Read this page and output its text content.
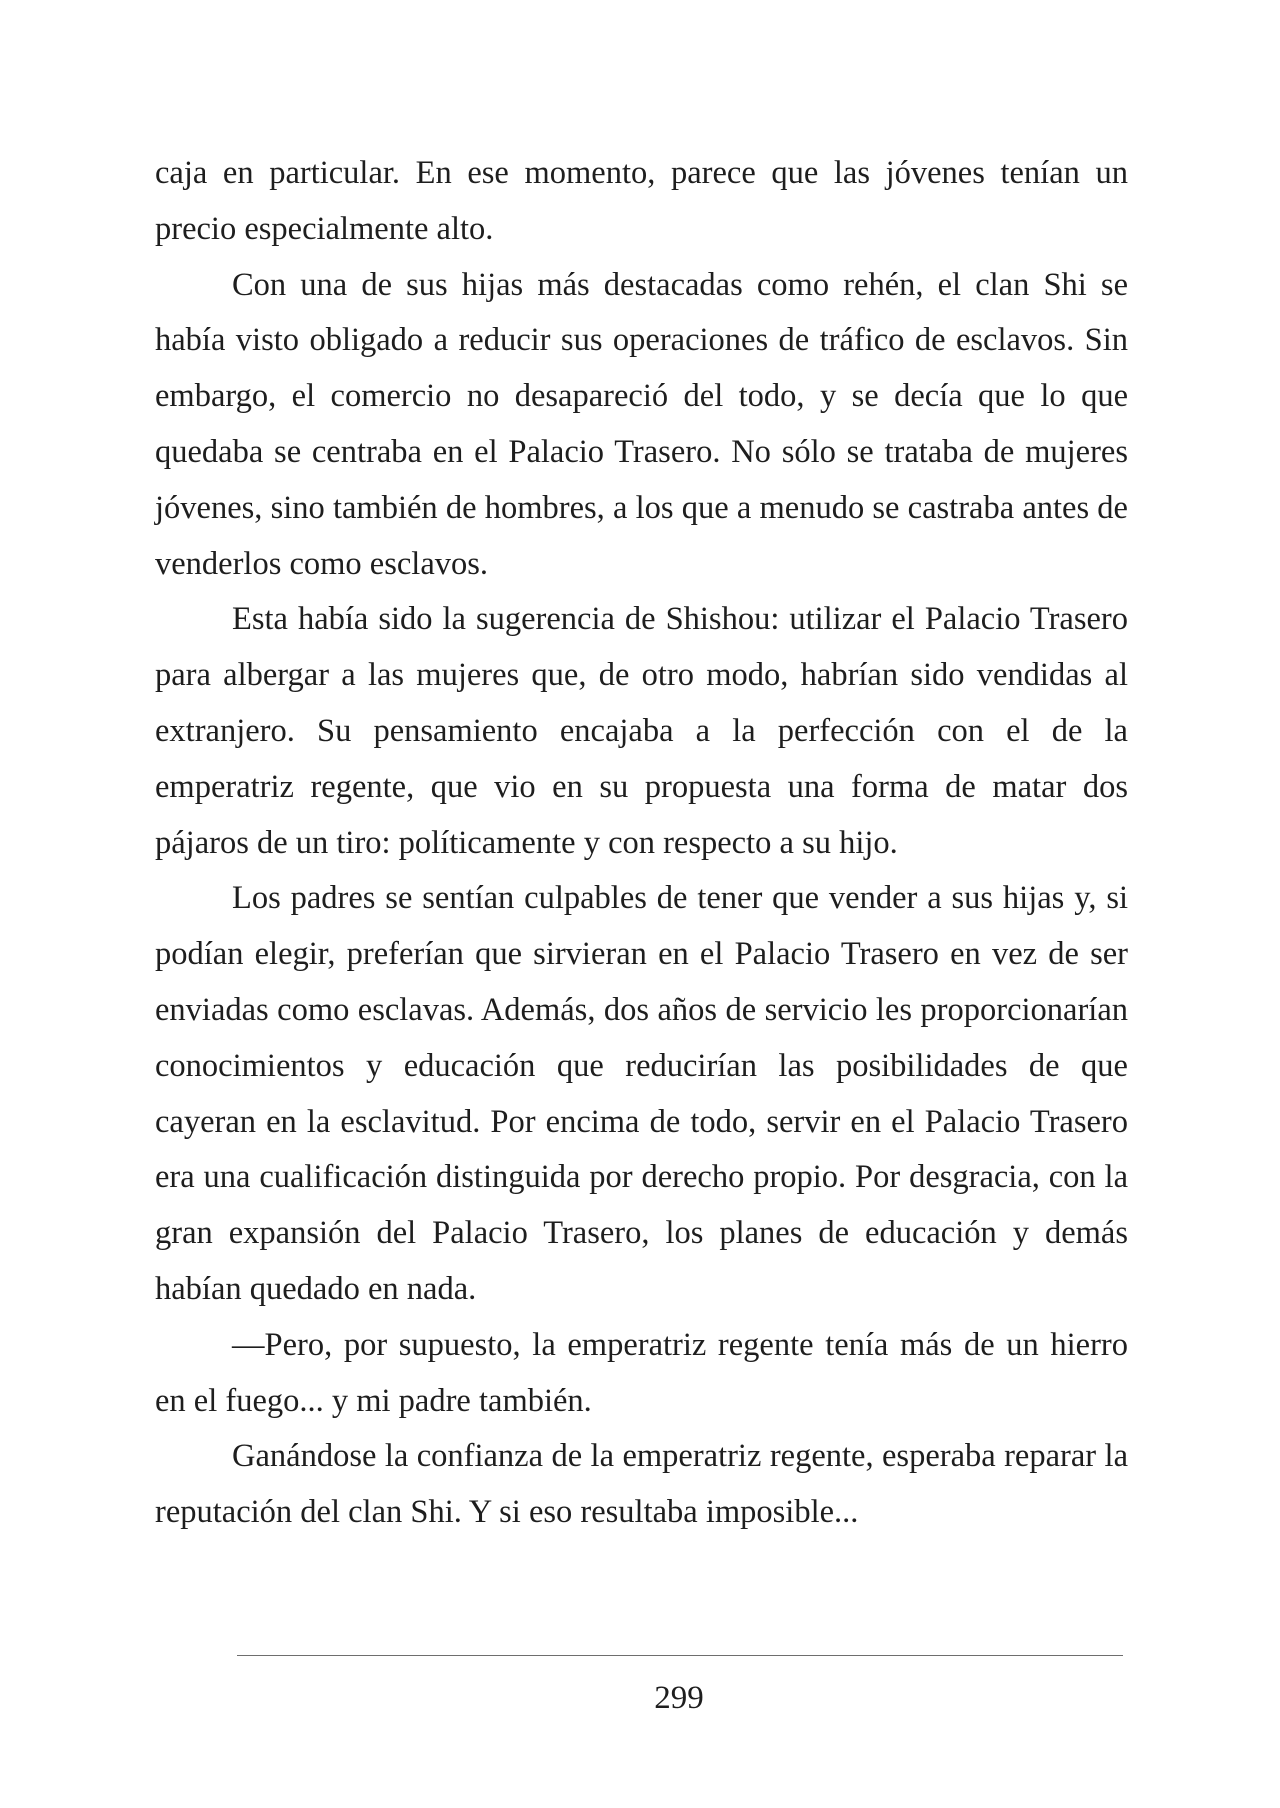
caja en particular. En ese momento, parece que las jóvenes tenían un precio especialmente alto.

Con una de sus hijas más destacadas como rehén, el clan Shi se había visto obligado a reducir sus operaciones de tráfico de esclavos. Sin embargo, el comercio no desapareció del todo, y se decía que lo que quedaba se centraba en el Palacio Trasero. No sólo se trataba de mujeres jóvenes, sino también de hombres, a los que a menudo se castraba antes de venderlos como esclavos.

Esta había sido la sugerencia de Shishou: utilizar el Palacio Trasero para albergar a las mujeres que, de otro modo, habrían sido vendidas al extranjero. Su pensamiento encajaba a la perfección con el de la emperatriz regente, que vio en su propuesta una forma de matar dos pájaros de un tiro: políticamente y con respecto a su hijo.

Los padres se sentían culpables de tener que vender a sus hijas y, si podían elegir, preferían que sirvieran en el Palacio Trasero en vez de ser enviadas como esclavas. Además, dos años de servicio les proporcionarían conocimientos y educación que reducirían las posibilidades de que cayeran en la esclavitud. Por encima de todo, servir en el Palacio Trasero era una cualificación distinguida por derecho propio. Por desgracia, con la gran expansión del Palacio Trasero, los planes de educación y demás habían quedado en nada.

—Pero, por supuesto, la emperatriz regente tenía más de un hierro en el fuego... y mi padre también.

Ganándose la confianza de la emperatriz regente, esperaba reparar la reputación del clan Shi. Y si eso resultaba imposible...

299
